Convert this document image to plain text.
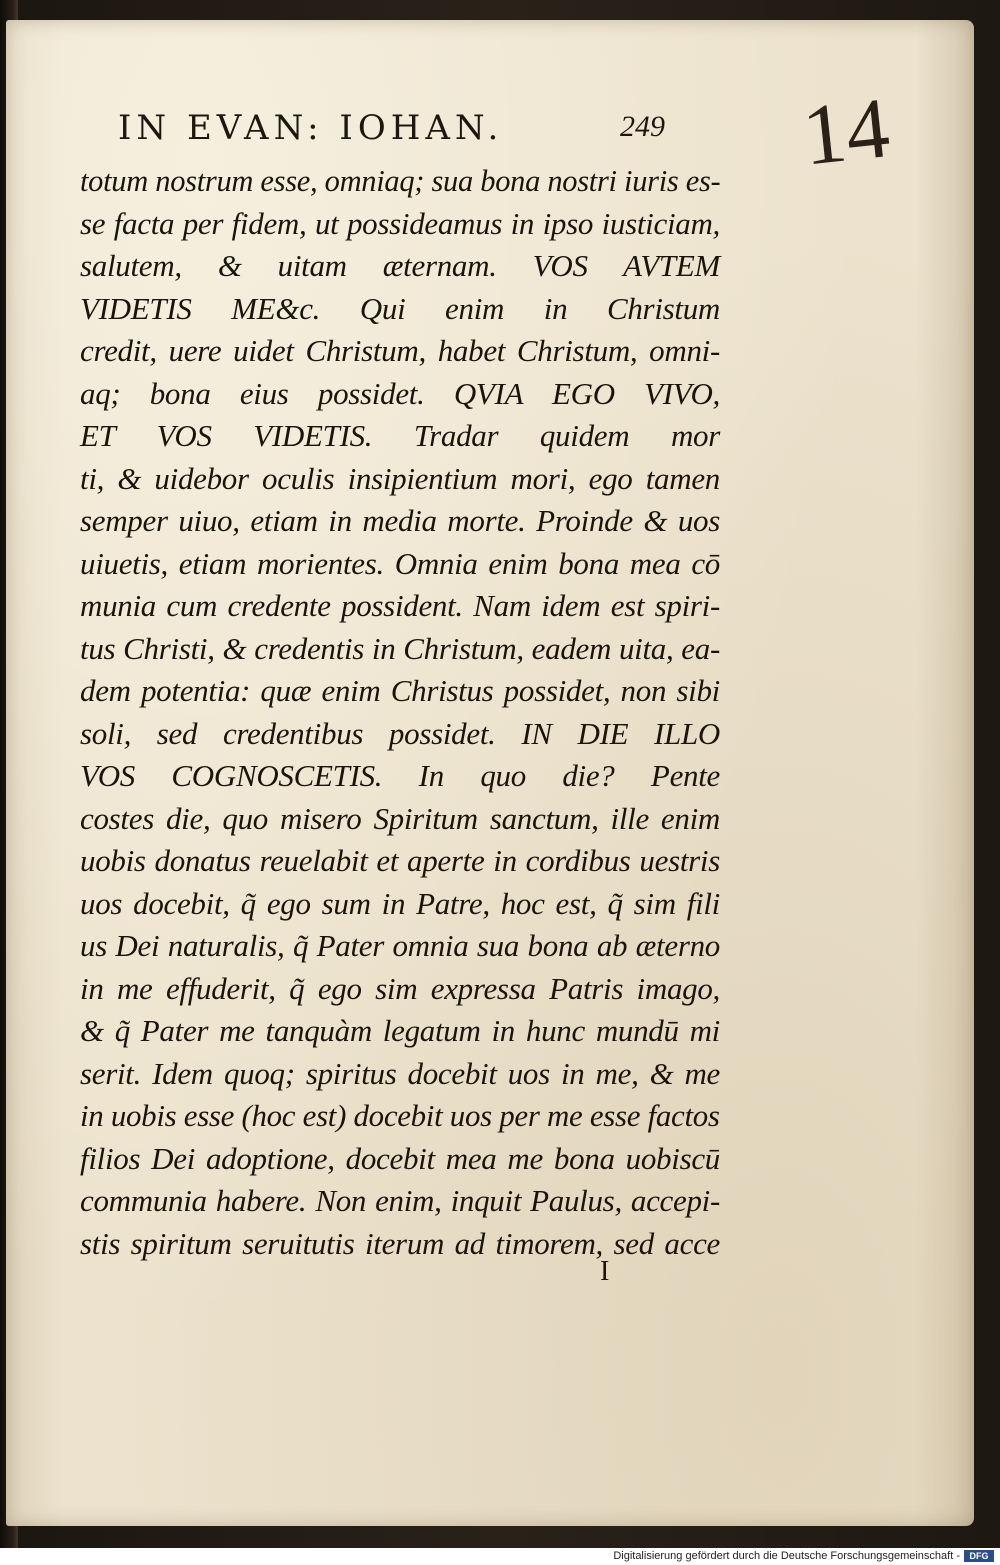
IN EVAN: IOHAN.	249 14
totum nostrum esse, omniaq; sua bona nostri iuris es-
se facta per fidem, ut possideamus in ipso iusticiam,
salutem, & uitam æternam. VOS AVTEM
VIDETIS ME&c. Qui enim in Christum
credit, uere uidet Christum, habet Christum, omni-
aq; bona eius possidet. QVIA EGO VIVO,
ET VOS VIDETIS. Tradar quidem mor
ti, & uidebor oculis insipientium mori, ego tamen
semper uiuo, etiam in media morte. Proinde & uos
uiuetis, etiam morientes. Omnia enim bona mea cō
munia cum credente possident. Nam idem est spiri-
tus Christi, & credentis in Christum, eadem uita, ea-
dem potentia: quæ enim Christus possidet, non sibi
soli, sed credentibus possidet. IN DIE ILLO
VOS COGNOSCETIS. In quo die? Pente
costes die, quo misero Spiritum sanctum, ille enim
uobis donatus reuelabit et aperte in cordibus uestris
uos docebit, q̃ ego sum in Patre, hoc est, q̃ sim fili
us Dei naturalis, q̃ Pater omnia sua bona ab æterno
in me effuderit, q̃ ego sim expressa Patris imago,
& q̃ Pater me tanquàm legatum in hunc mundū mi
serit. Idem quoq; spiritus docebit uos in me, & me
in uobis esse (hoc est) docebit uos per me esse factos
filios Dei adoptione, docebit mea me bona uobiscū
communia habere. Non enim, inquit Paulus, accepi-
stis spiritum seruitutis iterum ad timorem, sed acce
I
Digitalisierung gefördert durch die Deutsche Forschungsgemeinschaft -	DFG
